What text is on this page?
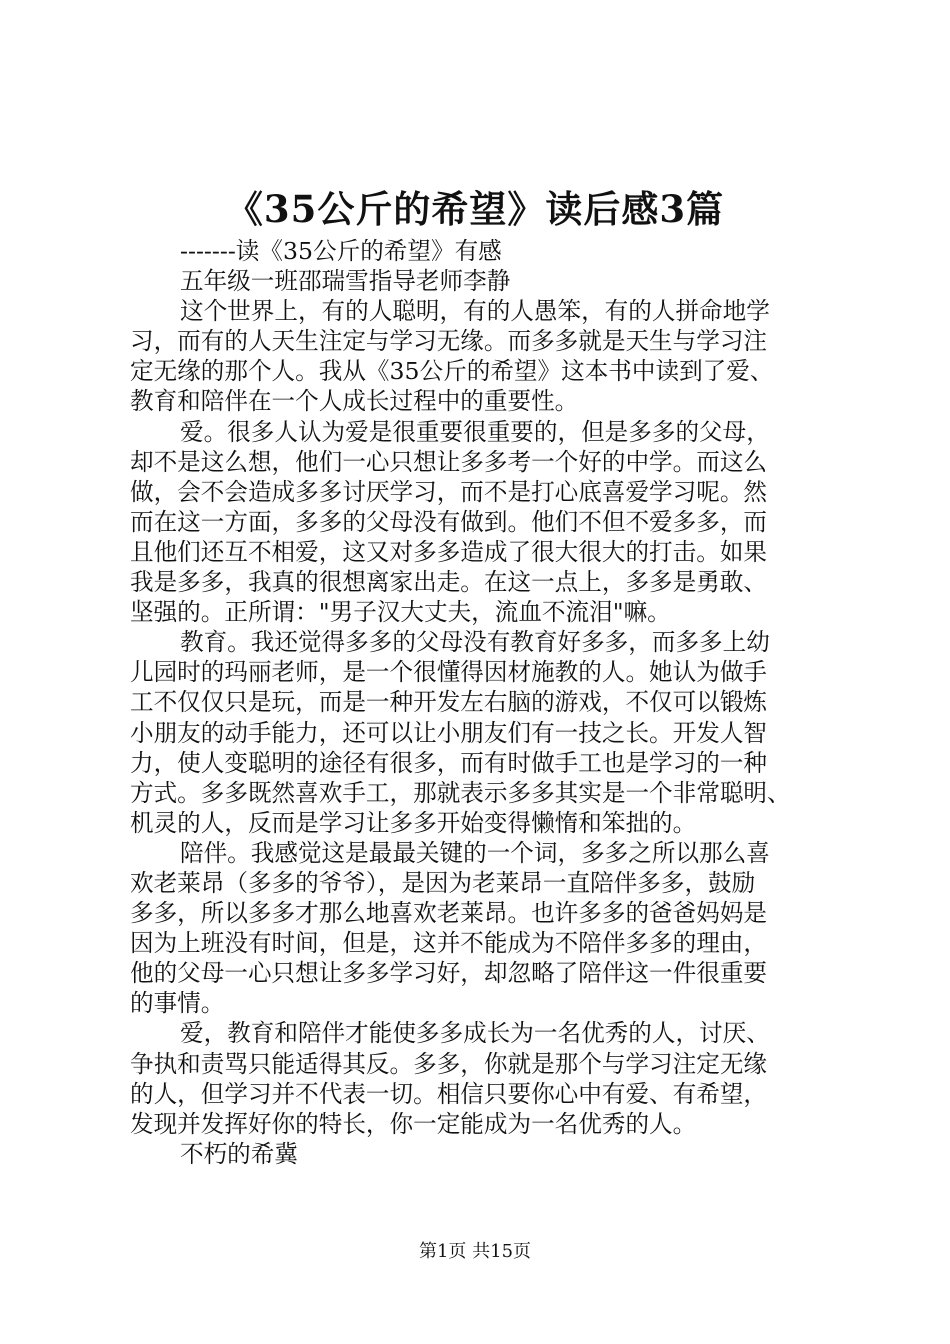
《35公斤的希望》读后感3篇
-------读《35公斤的希望》有感
五年级一班邵瑞雪指导老师李静
这个世界上，有的人聪明，有的人愚笨，有的人拼命地学
习，而有的人天生注定与学习无缘。而多多就是天生与学习注
定无缘的那个人。我从《35公斤的希望》这本书中读到了爱、
教育和陪伴在一个人成长过程中的重要性。
爱。很多人认为爱是很重要很重要的，但是多多的父母，
却不是这么想，他们一心只想让多多考一个好的中学。而这么
做，会不会造成多多讨厌学习，而不是打心底喜爱学习呢。然
而在这一方面，多多的父母没有做到。他们不但不爱多多，而
且他们还互不相爱，这又对多多造成了很大很大的打击。如果
我是多多，我真的很想离家出走。在这一点上，多多是勇敢、
坚强的。正所谓："男子汉大丈夫，流血不流泪"嘛。
教育。我还觉得多多的父母没有教育好多多，而多多上幼
儿园时的玛丽老师，是一个很懂得因材施教的人。她认为做手
工不仅仅只是玩，而是一种开发左右脑的游戏，不仅可以锻炼
小朋友的动手能力，还可以让小朋友们有一技之长。开发人智
力，使人变聪明的途径有很多，而有时做手工也是学习的一种
方式。多多既然喜欢手工，那就表示多多其实是一个非常聪明、
机灵的人，反而是学习让多多开始变得懒惰和笨拙的。
陪伴。我感觉这是最最关键的一个词，多多之所以那么喜
欢老莱昂（多多的爷爷），是因为老莱昂一直陪伴多多，鼓励
多多，所以多多才那么地喜欢老莱昂。也许多多的爸爸妈妈是
因为上班没有时间，但是，这并不能成为不陪伴多多的理由，
他的父母一心只想让多多学习好，却忽略了陪伴这一件很重要
的事情。
爱，教育和陪伴才能使多多成长为一名优秀的人，讨厌、
争执和责骂只能适得其反。多多，你就是那个与学习注定无缘
的人，但学习并不代表一切。相信只要你心中有爱、有希望，
发现并发挥好你的特长，你一定能成为一名优秀的人。
不朽的希冀
第1页 共15页
